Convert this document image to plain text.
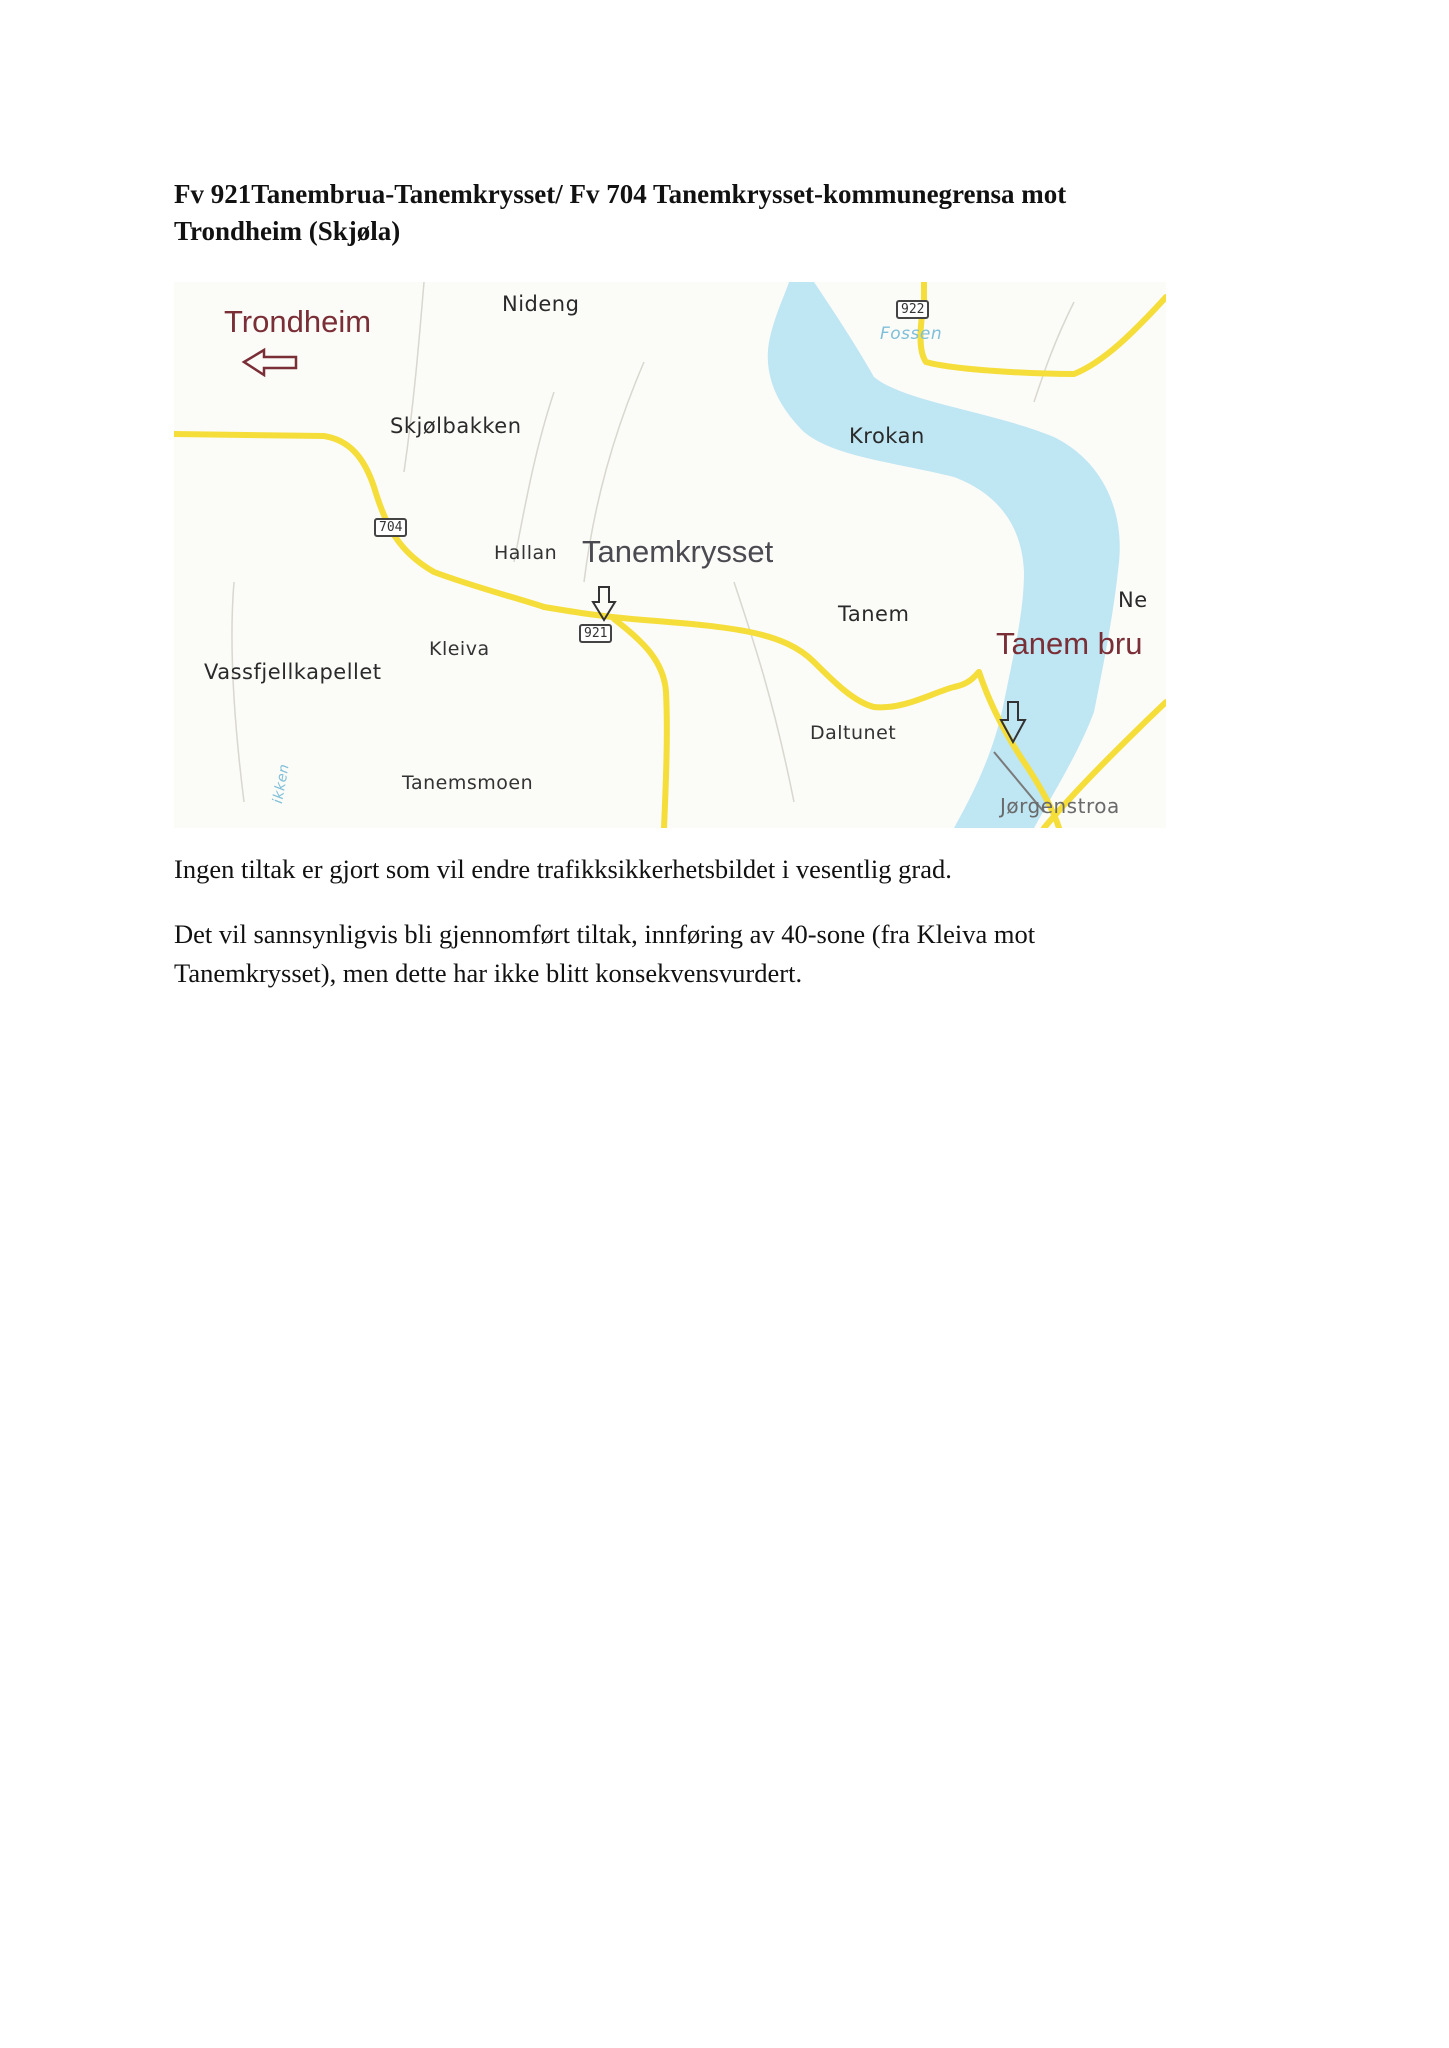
Fv 921Tanembrua-Tanemkrysset/ Fv 704 Tanemkrysset-kommunegrensa mot Trondheim (Skjøla)
Trondheim	Nideng
Fossen
922
Skjølbakken	Krokan
704
Hallan Tanemkrysset
Tanem
Ne
921
Kleiva	Tanem bru
Vassfjellkapellet
Daltunet
Tanemsmoen
Jørgenstroa
ikken

Ingen tiltak er gjort som vil endre trafikksikkerhetsbildet i vesentlig grad.

Det vil sannsynligvis bli gjennomført tiltak, innføring av 40-sone (fra Kleiva mot Tanemkrysset), men dette har ikke blitt konsekvensvurdert.
